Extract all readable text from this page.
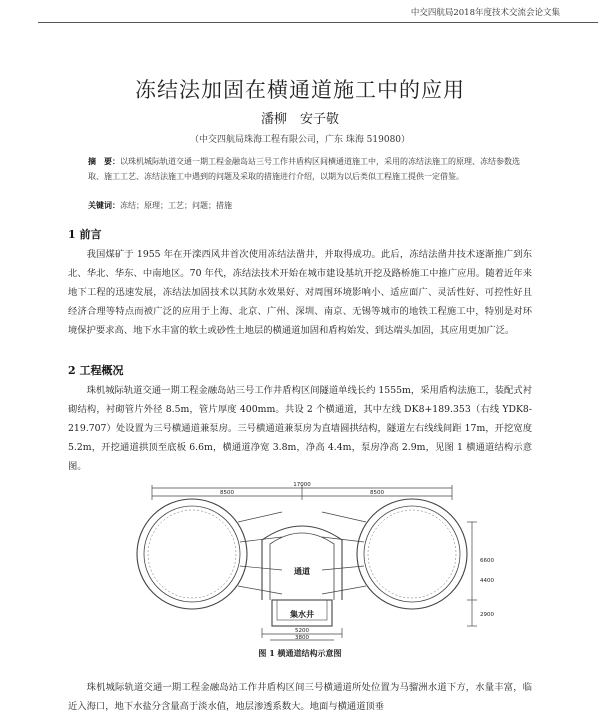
中交四航局2018年度技术交流会论文集
冻结法加固在横通道施工中的应用
潘柳　安子敬
（中交四航局珠海工程有限公司，广东 珠海 519080）
摘　要：以珠机城际轨道交通一期工程金融岛站三号工作井盾构区间横通道施工中，采用的冻结法施工的原理、冻结参数选取、施工工艺、冻结法施工中遇到的问题及采取的措施进行介绍，以期为以后类似工程施工提供一定借鉴。
关键词：冻结；原理；工艺；问题；措施
1 前言
我国煤矿于 1955 年在开滦西风井首次使用冻结法凿井，并取得成功。此后，冻结法凿井技术逐渐推广到东北、华北、华东、中南地区。70 年代，冻结法技术开始在城市建设基坑开挖及路桥施工中推广应用。随着近年来地下工程的迅速发展，冻结法加固技术以其防水效果好、对周围环境影响小、适应面广、灵活性好、可控性好且经济合理等特点而被广泛的应用于上海、北京、广州、深圳、南京、无锡等城市的地铁工程施工中，特别是对环境保护要求高、地下水丰富的软土或砂性土地层的横通道加固和盾构始发、到达端头加固，其应用更加广泛。
2 工程概况
珠机城际轨道交通一期工程金融岛站三号工作井盾构区间隧道单线长约 1555m，采用盾构法施工，装配式衬砌结构，衬砌管片外径 8.5m，管片厚度 400mm。共设 2 个横通道，其中左线 DK8+189.353（右线 YDK8-219.707）处设置为三号横通道兼泵房。三号横通道兼泵房为直墙圆拱结构，隧道左右线线间距 17m，开挖宽度 5.2m，开挖通道拱顶至底板 6.6m，横通道净宽 3.8m，净高 4.4m，泵房净高 2.9m，见图 1 横通道结构示意图。
17000
8500	8500
5200
3800
6600
4400
2900
通道
集水井
图 1 横通道结构示意图
珠机城际轨道交通一期工程金融岛站工作井盾构区间三号横通道所处位置为马骝洲水道下方，水量丰富，临近入海口，地下水盐分含量高于淡水值，地层渗透系数大。地面与横通道顶垂
